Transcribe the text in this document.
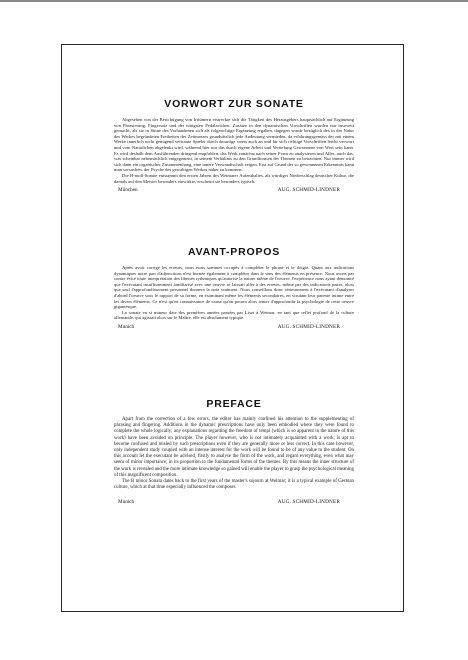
VORWORT ZUR SONATE

Abgesehen von der Berichtigung von Irrtümern erstreckte sich die Tätigkeit des Herausgebers hauptsächlich auf Ergänzung von Phrasierung, Fingersatz und der nötigsten Pedalzeichen. Zusätze in den dynamischen Vorschriften wurden nur insoweit gemacht, als sie in Sinne des Vorhandenen sich als folgerichtige Ergänzung ergaben, dagegen wurde bezüglich des in der Natur des Werkes begründeten Freiheiten des Zeitmasses grundsätzlich jede Andeutung vermieden, da erfahrungsgemäss der mit einem Werke innerlich nicht genügend vertraute Spieler durch derartige wenn auch an und für sich richtige Vorschriften leicht verwirrt und vom Natürlichen abgelenkt wird, während hier nur das durch eigene Arbeit und Vertiefung Gewonnene von Wert sein kann. Es wird deshalb dem Ausführenden dringend empfohlen, das Werk zunächst nach seiner Form zu analysieren und Alles, auch das, was scheinbar nebensächlich entgegentritt, in seinem Verhältnis zu den Grundformen der Themen zu betrachten. Nur immer wird sich dann ein organischer Zusammenhang, eine innere Verwandtschaft zeigen. Erst auf Grund der so gewonnenen Erkenntnis kann man versuchen, der Psyche des gewaltigen Werkes näher zu kommen.

Die H-moll-Sonate entstammt den ersten Jahren des Weimarer Aufenthaltes, als würdiger Niederschlag deutscher Kultur, die damals auf den Meister besonders einwirkte, erscheint sie besonders typisch.

München	AUG. SCHMID-LINDNER
AVANT-PROPOS

Après avoir corrigé les erreurs, nous nous sommes occupés à compléter le phrasé et le doigté. Quant aux indications dynamiques notre part d'adjonctions n'est bornée également à compléter dans le sens des éléments en présence. Nous avons par contre évité toute interprétation des libertés rythmiques qu'autorise la nature même de l'oeuvre, l'expérience nous ayant démontré que l'exécutant insuffisamment familiarisé avec une oeuvre se laissait aller à des erreurs, même par des indications justes, alors que seul l'approfondissement personnel donnera la note vraiment. Nous conseillons donc sérieusement à l'exécutant d'analyser d'abord l'oeuvre sous le rapport de sa forme, en examinant même les éléments secondaires, en scrutant leur parenté intime entre les divers éléments. Ce n'est qu'en connaissance de cause qu'on pourra alors tenter d'approfondir la psychologie de cette oeuvre gigantesque.

La sonate en si mineur date des premières années passées par Liszt à Weimar, en tant que reflet profond de la culture allemande, qui agissait alors sur le Maître, elle est absolument typique.

Munich	AUG. SCHMID-LINDNER
PREFACE

Apart from the correction of a few errors, the editor has mainly confined his attention to the supplementing of phrasing and fingering. Additions in the dynamic prescriptions have only been embodied where they were found to complete the whole logically; any explanations regarding the freedom of tempi (which is so apparent in the nature of this work) have been avoided on principle. The player however, who is not intimately acquainted with a work, is apt to become confused and misled by such prescriptions even if they are generally more or less correct. In this case however, only independent study coupled with an intense interest for the work will be found to be of any value to the student. On this account let the executant be advised, firstly to analyse the form of the work, and regard everything, even what may seem of minor importance, in its proportion to the fundamental forms of the themes. By this means the inner structure of the work is revealed and the more intimate knowledge so gained will enable the player to grasp the psychological meaning of this magnificent composition.

The B minor Sonata dates back to the first years of the master's sojourn at Weimar; it is a typical example of German culture, which at that time especially influenced the composer.

Munich	AUG. SCHMID-LINDNER
